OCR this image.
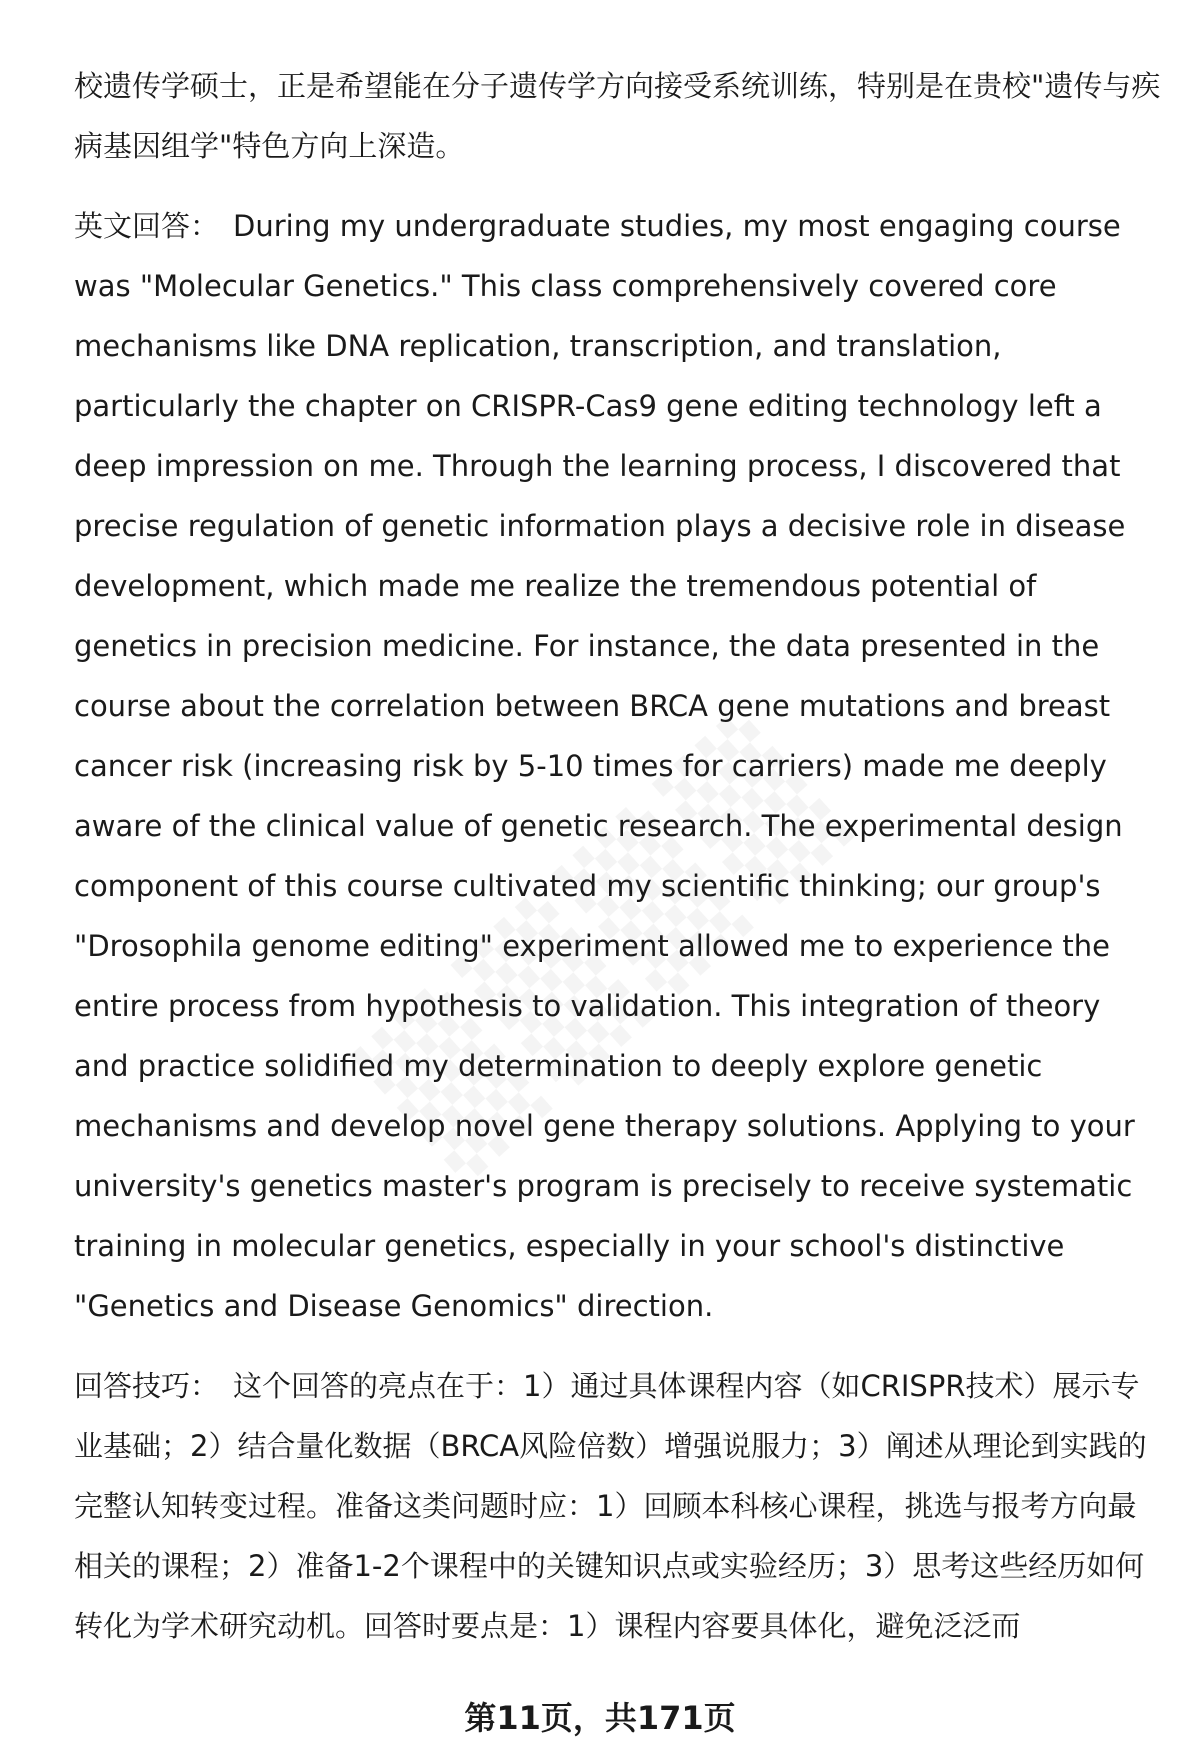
校遗传学硕士，正是希望能在分子遗传学方向接受系统训练，特别是在贵校"遗传与疾病基因组学"特色方向上深造。

英文回答： During my undergraduate studies, my most engaging course was "Molecular Genetics." This class comprehensively covered core mechanisms like DNA replication, transcription, and translation, particularly the chapter on CRISPR-Cas9 gene editing technology left a deep impression on me. Through the learning process, I discovered that precise regulation of genetic information plays a decisive role in disease development, which made me realize the tremendous potential of genetics in precision medicine. For instance, the data presented in the course about the correlation between BRCA gene mutations and breast cancer risk (increasing risk by 5-10 times for carriers) made me deeply aware of the clinical value of genetic research. The experimental design component of this course cultivated my scientific thinking; our group's "Drosophila genome editing" experiment allowed me to experience the entire process from hypothesis to validation. This integration of theory and practice solidified my determination to deeply explore genetic mechanisms and develop novel gene therapy solutions. Applying to your university's genetics master's program is precisely to receive systematic training in molecular genetics, especially in your school's distinctive "Genetics and Disease Genomics" direction.

回答技巧： 这个回答的亮点在于：1）通过具体课程内容（如CRISPR技术）展示专业基础；2）结合量化数据（BRCA风险倍数）增强说服力；3）阐述从理论到实践的完整认知转变过程。准备这类问题时应：1）回顾本科核心课程，挑选与报考方向最相关的课程；2）准备1-2个课程中的关键知识点或实验经历；3）思考这些经历如何转化为学术研究动机。回答时要点是：1）课程内容要具体化，避免泛泛而

第11页，共171页
